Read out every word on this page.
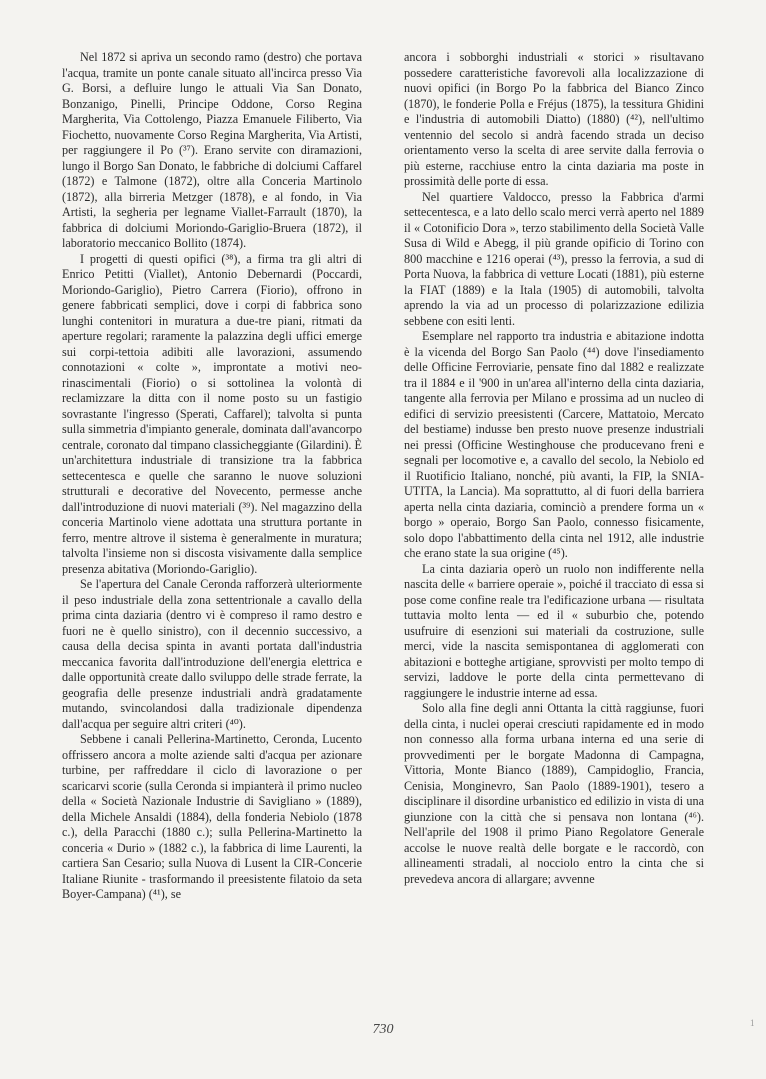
Nel 1872 si apriva un secondo ramo (destro) che portava l'acqua, tramite un ponte canale situato all'incirca presso Via G. Borsi, a defluire lungo le attuali Via San Donato, Bonzanigo, Pinelli, Principe Oddone, Corso Regina Margherita, Via Cottolengo, Piazza Emanuele Filiberto, Via Fiochetto, nuovamente Corso Regina Margherita, Via Artisti, per raggiungere il Po (³⁷). Erano servite con diramazioni, lungo il Borgo San Donato, le fabbriche di dolciumi Caffarel (1872) e Talmone (1872), oltre alla Conceria Martinolo (1872), alla birreria Metzger (1878), e al fondo, in Via Artisti, la segheria per legname Viallet-Farrault (1870), la fabbrica di dolciumi Moriondo-Gariglio-Bruera (1872), il laboratorio meccanico Bollito (1874).

I progetti di questi opifici (³⁸), a firma tra gli altri di Enrico Petitti (Viallet), Antonio Debernardi (Poccardi, Moriondo-Gariglio), Pietro Carrera (Fiorio), offrono in genere fabbricati semplici, dove i corpi di fabbrica sono lunghi contenitori in muratura a due-tre piani, ritmati da aperture regolari; raramente la palazzina degli uffici emerge sui corpi-tettoia adibiti alle lavorazioni, assumendo connotazioni « colte », improntate a motivi neo-rinascimentali (Fiorio) o si sottolinea la volontà di reclamizzare la ditta con il nome posto su un fastigio sovrastante l'ingresso (Sperati, Caffarel); talvolta si punta sulla simmetria d'impianto generale, dominata dall'avancorpo centrale, coronato dal timpano classicheggiante (Gilardini). È un'architettura industriale di transizione tra la fabbrica settecentesca e quelle che saranno le nuove soluzioni strutturali e decorative del Novecento, permesse anche dall'introduzione di nuovi materiali (³⁹). Nel magazzino della conceria Martinolo viene adottata una struttura portante in ferro, mentre altrove il sistema è generalmente in muratura; talvolta l'insieme non si discosta visivamente dalla semplice presenza abitativa (Moriondo-Gariglio).

Se l'apertura del Canale Ceronda rafforzerà ulteriormente il peso industriale della zona settentrionale a cavallo della prima cinta daziaria (dentro vi è compreso il ramo destro e fuori ne è quello sinistro), con il decennio successivo, a causa della decisa spinta in avanti portata dall'industria meccanica favorita dall'introduzione dell'energia elettrica e dalle opportunità create dallo sviluppo delle strade ferrate, la geografia delle presenze industriali andrà gradatamente mutando, svincolandosi dalla tradizionale dipendenza dall'acqua per seguire altri criteri (⁴⁰).

Sebbene i canali Pellerina-Martinetto, Ceronda, Lucento offrissero ancora a molte aziende salti d'acqua per azionare turbine, per raffreddare il ciclo di lavorazione o per scaricarvi scorie (sulla Ceronda si impianterà il primo nucleo della « Società Nazionale Industrie di Savigliano » (1889), della Michele Ansaldi (1884), della fonderia Nebiolo (1878 c.), della Paracchi (1880 c.); sulla Pellerina-Martinetto la conceria « Durio » (1882 c.), la fabbrica di lime Laurenti, la cartiera San Cesario; sulla Nuova di Lusent la CIR-Concerie Italiane Riunite - trasformando il preesistente filatoio da seta Boyer-Campana) (⁴¹), se

ancora i sobborghi industriali « storici » risultavano possedere caratteristiche favorevoli alla localizzazione di nuovi opifici (in Borgo Po la fabbrica del Bianco Zinco (1870), le fonderie Polla e Fréjus (1875), la tessitura Ghidini e l'industria di automobili Diatto) (1880) (⁴²), nell'ultimo ventennio del secolo si andrà facendo strada un deciso orientamento verso la scelta di aree servite dalla ferrovia o più esterne, racchiuse entro la cinta daziaria ma poste in prossimità delle porte di essa.

Nel quartiere Valdocco, presso la Fabbrica d'armi settecentesca, e a lato dello scalo merci verrà aperto nel 1889 il « Cotonificio Dora », terzo stabilimento della Società Valle Susa di Wild e Abegg, il più grande opificio di Torino con 800 macchine e 1216 operai (⁴³), presso la ferrovia, a sud di Porta Nuova, la fabbrica di vetture Locati (1881), più esterne la FIAT (1889) e la Itala (1905) di automobili, talvolta aprendo la via ad un processo di polarizzazione edilizia sebbene con esiti lenti.

Esemplare nel rapporto tra industria e abitazione indotta è la vicenda del Borgo San Paolo (⁴⁴) dove l'insediamento delle Officine Ferroviarie, pensate fino dal 1882 e realizzate tra il 1884 e il '900 in un'area all'interno della cinta daziaria, tangente alla ferrovia per Milano e prossima ad un nucleo di edifici di servizio preesistenti (Carcere, Mattatoio, Mercato del bestiame) indusse ben presto nuove presenze industriali nei pressi (Officine Westinghouse che producevano freni e segnali per locomotive e, a cavallo del secolo, la Nebiolo ed il Ruotificio Italiano, nonché, più avanti, la FIP, la SNIA-UTITA, la Lancia). Ma soprattutto, al di fuori della barriera aperta nella cinta daziaria, cominciò a prendere forma un « borgo » operaio, Borgo San Paolo, connesso fisicamente, solo dopo l'abbattimento della cinta nel 1912, alle industrie che erano state la sua origine (⁴⁵).

La cinta daziaria operò un ruolo non indifferente nella nascita delle « barriere operaie », poiché il tracciato di essa si pose come confine reale tra l'edificazione urbana — risultata tuttavia molto lenta — ed il « suburbio che, potendo usufruire di esenzioni sui materiali da costruzione, sulle merci, vide la nascita semispontanea di agglomerati con abitazioni e botteghe artigiane, sprovvisti per molto tempo di servizi, laddove le porte della cinta permettevano di raggiungere le industrie interne ad essa.

Solo alla fine degli anni Ottanta la città raggiunse, fuori della cinta, i nuclei operai cresciuti rapidamente ed in modo non connesso alla forma urbana interna ed una serie di provvedimenti per le borgate Madonna di Campagna, Vittoria, Monte Bianco (1889), Campidoglio, Francia, Cenisia, Monginevro, San Paolo (1889-1901), tesero a disciplinare il disordine urbanistico ed edilizio in vista di una giunzione con la città che si pensava non lontana (⁴⁶). Nell'aprile del 1908 il primo Piano Regolatore Generale accolse le nuove realtà delle borgate e le raccordò, con allineamenti stradali, al nocciolo entro la cinta che si prevedeva ancora di allargare; avvenne

730	1
